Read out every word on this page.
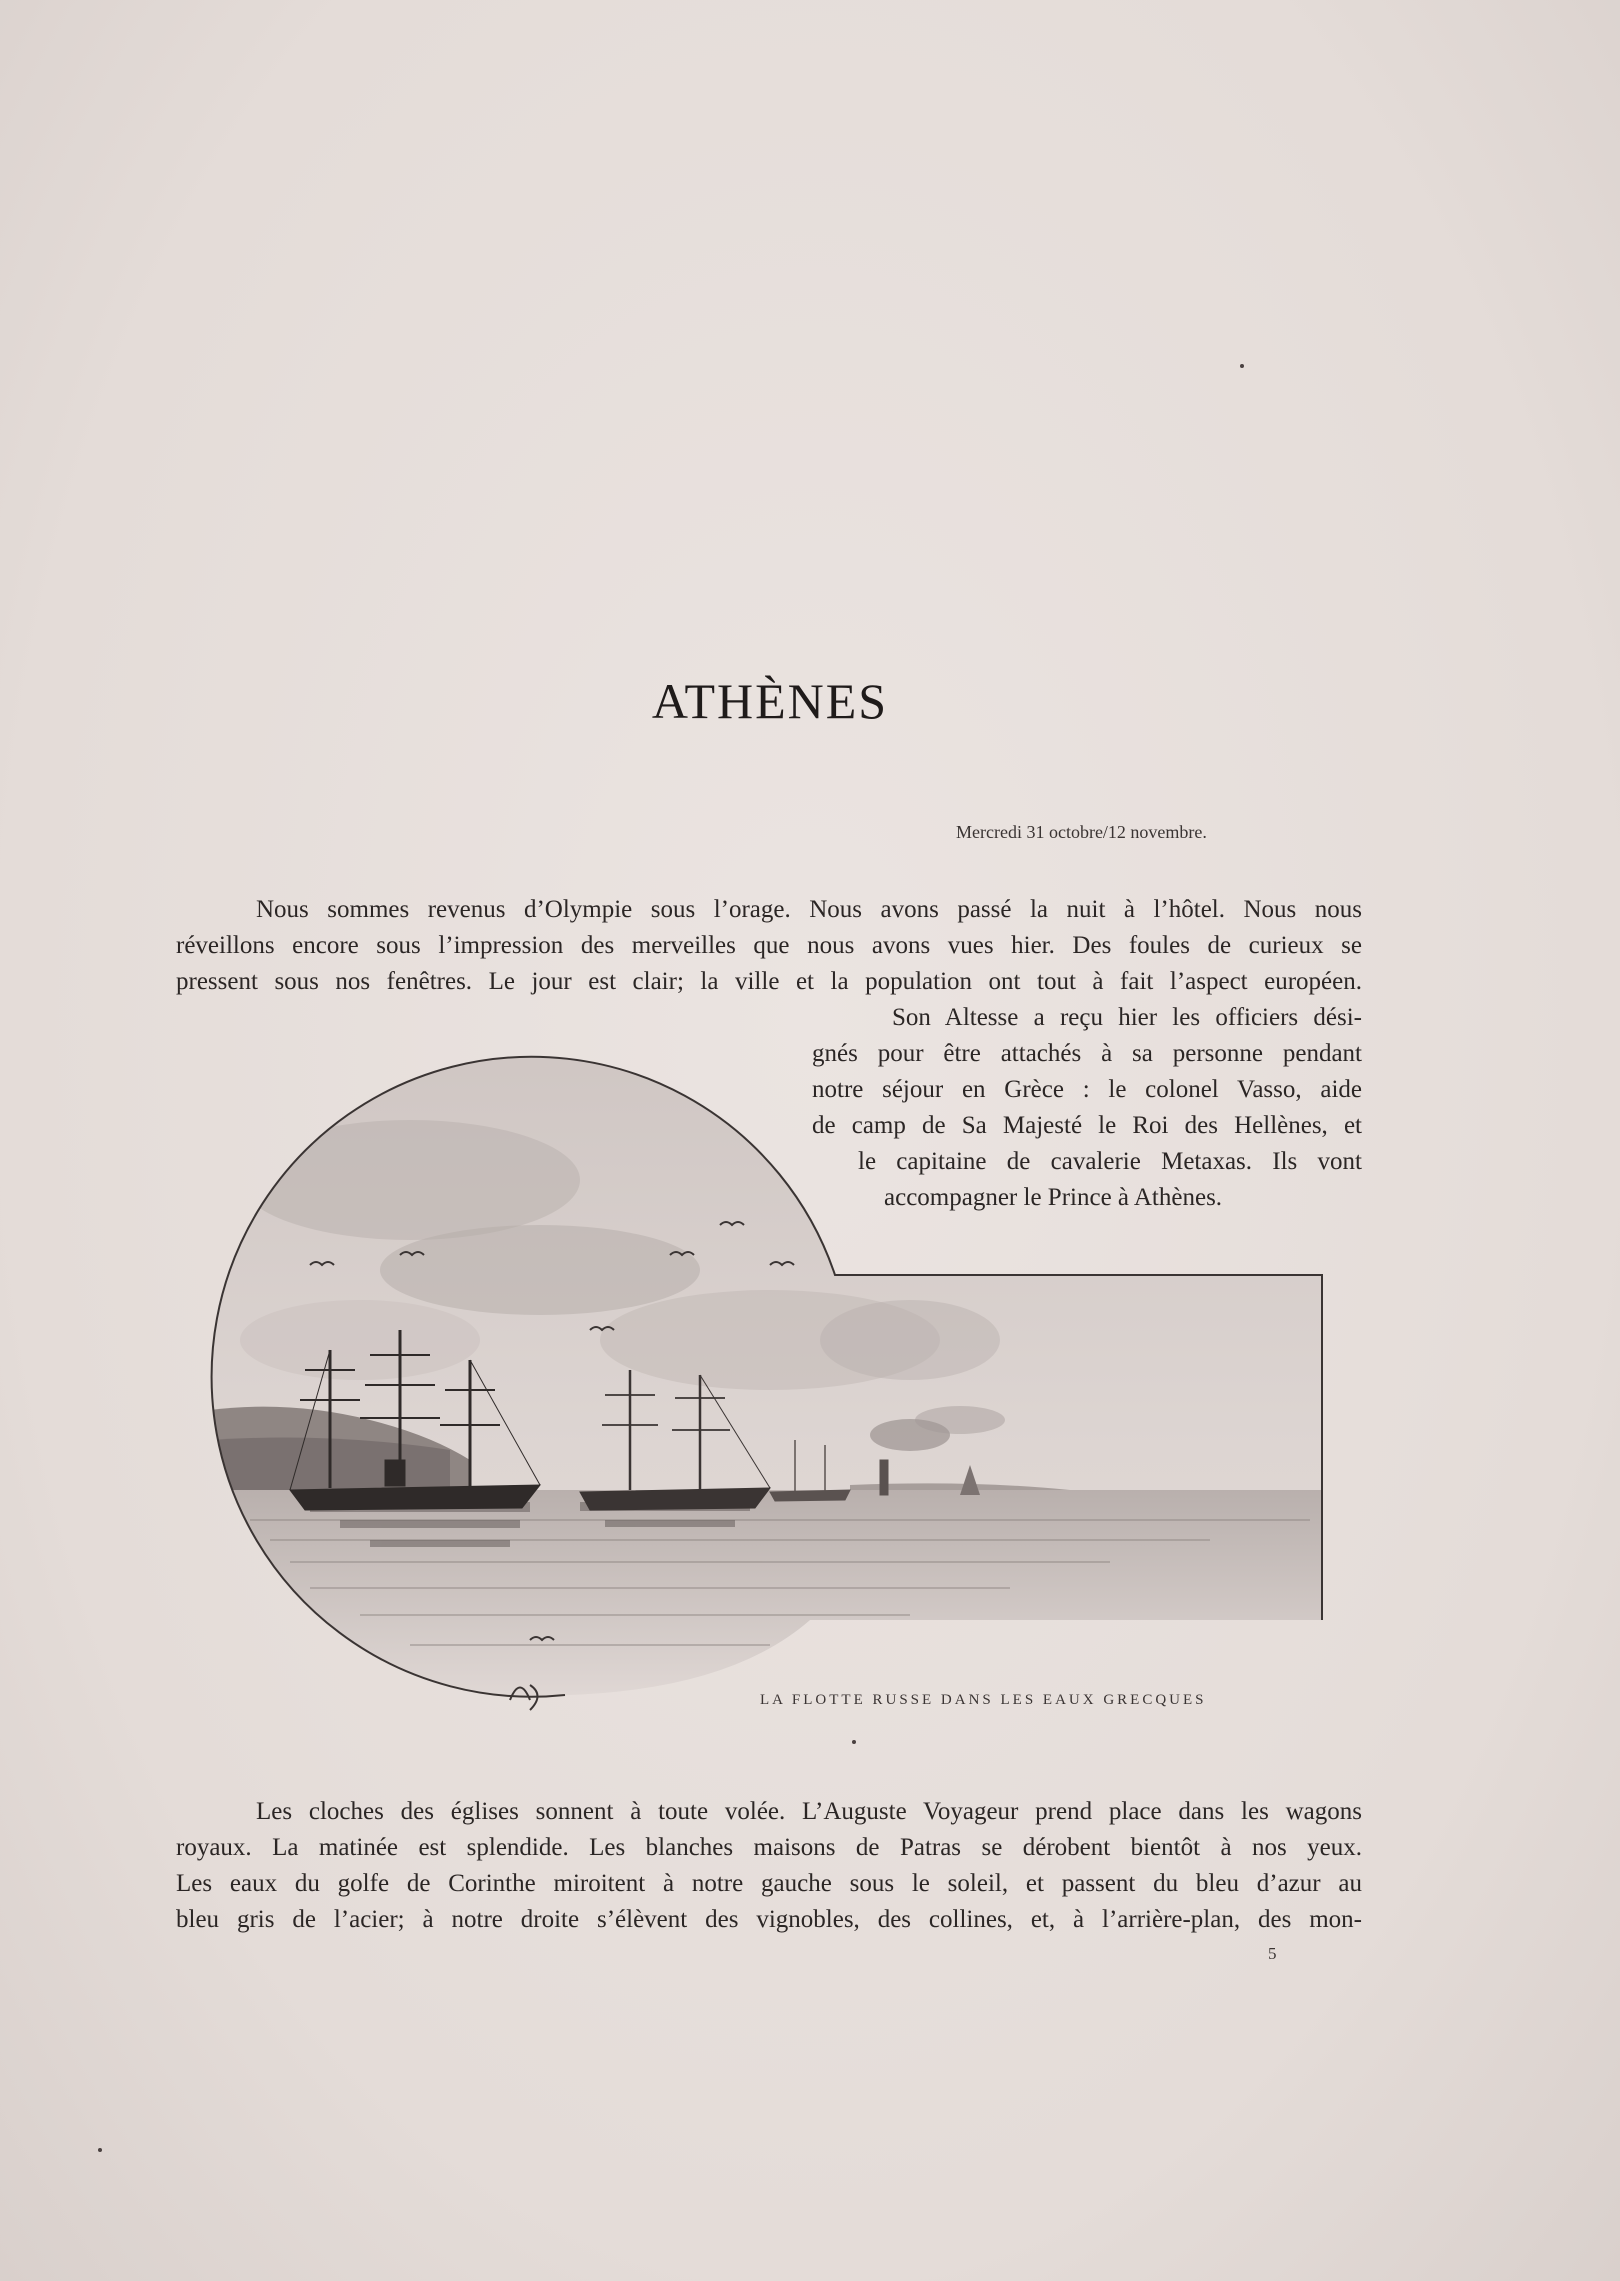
ATHÈNES
Mercredi 31 octobre/12 novembre.
Nous sommes revenus d’Olympie sous l’orage. Nous avons passé la nuit à l’hôtel. Nous nous
réveillons encore sous l’impression des merveilles que nous avons vues hier. Des foules de curieux se
pressent sous nos fenêtres. Le jour est clair; la ville et la population ont tout à fait l’aspect européen.
Son Altesse a reçu hier les officiers dési-
gnés pour être attachés à sa personne pendant
notre séjour en Grèce : le colonel Vasso, aide
de camp de Sa Majesté le Roi des Hellènes, et
le capitaine de cavalerie Metaxas. Ils vont
accompagner le Prince à Athènes.
LA FLOTTE RUSSE DANS LES EAUX GRECQUES
Les cloches des églises sonnent à toute volée. L’Auguste Voyageur prend place dans les wagons
royaux. La matinée est splendide. Les blanches maisons de Patras se dérobent bientôt à nos yeux.
Les eaux du golfe de Corinthe miroitent à notre gauche sous le soleil, et passent du bleu d’azur au
bleu gris de l’acier; à notre droite s’élèvent des vignobles, des collines, et, à l’arrière-plan, des mon-
5
